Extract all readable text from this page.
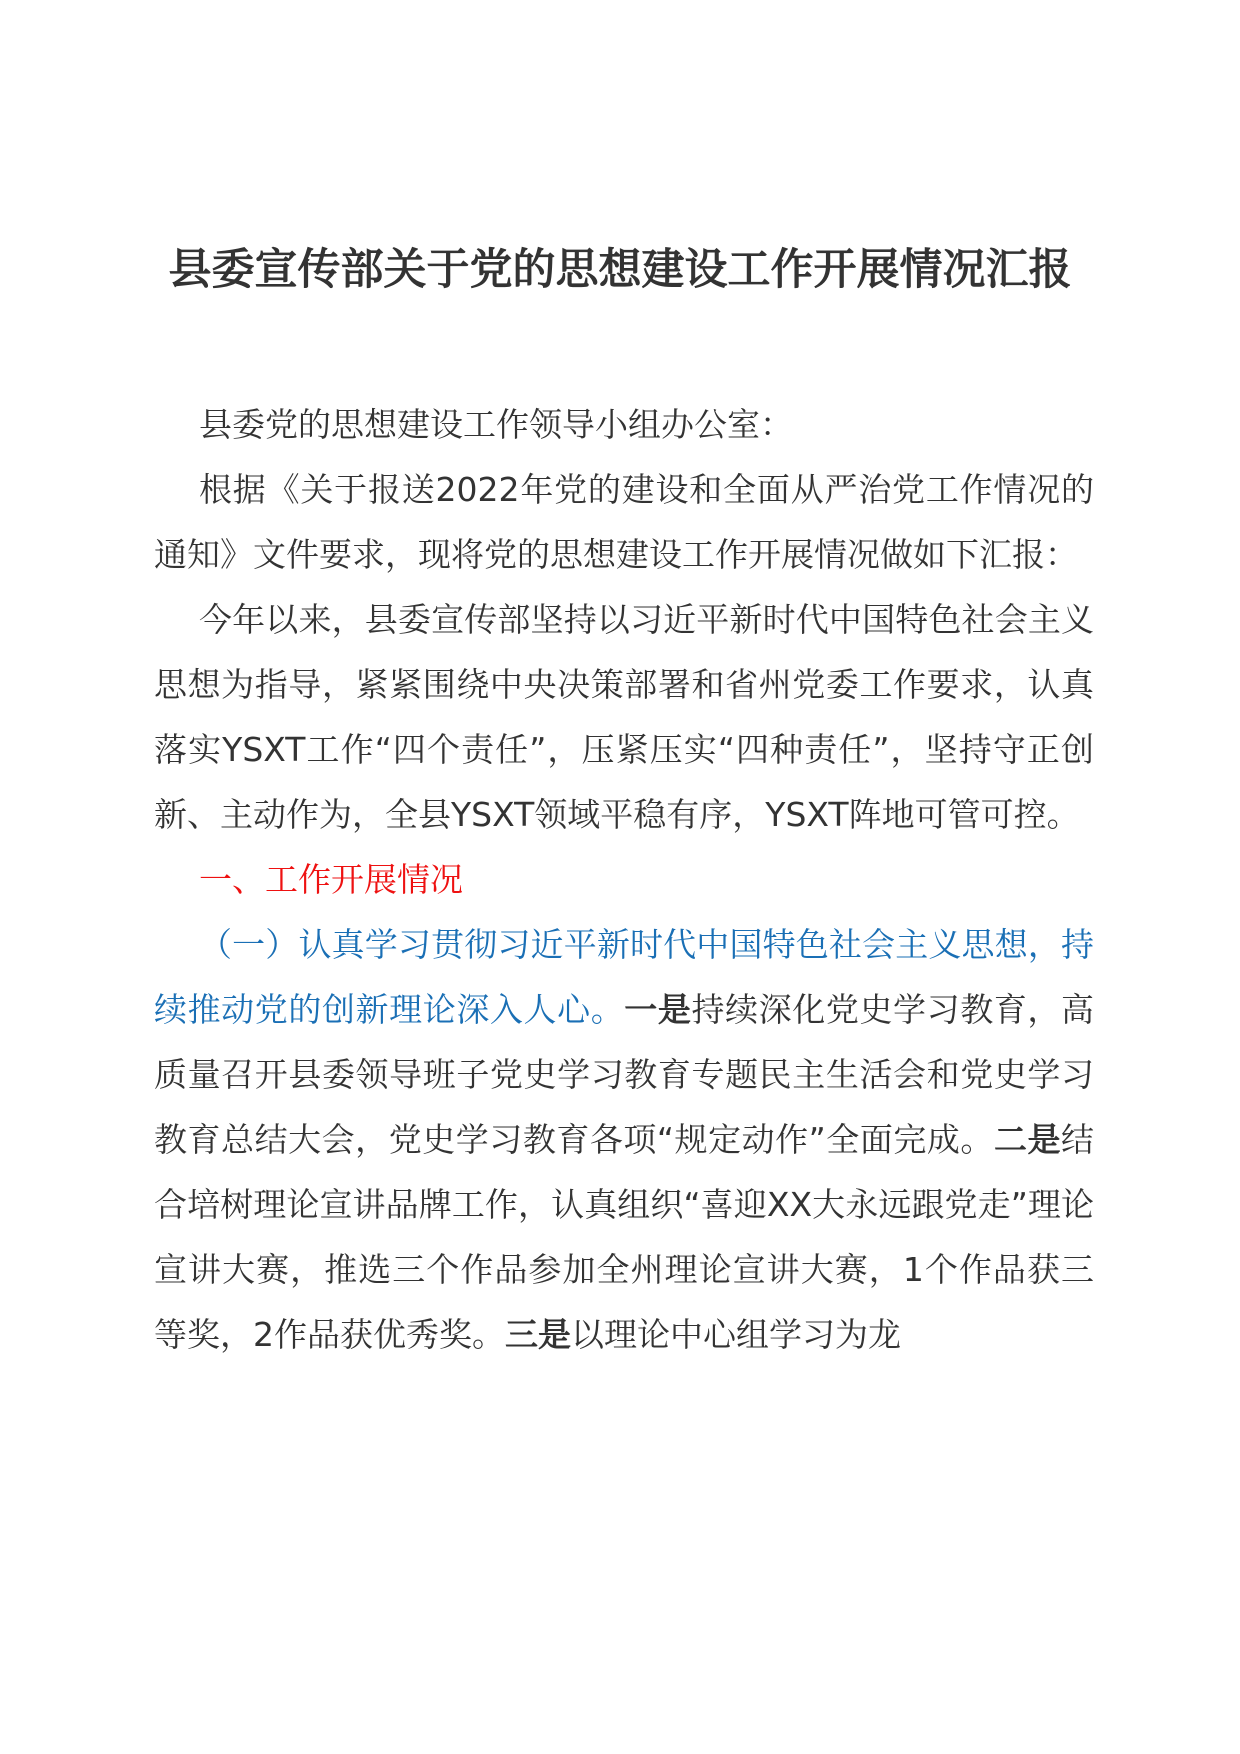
县委宣传部关于党的思想建设工作开展情况汇报

县委党的思想建设工作领导小组办公室：

根据《关于报送2022年党的建设和全面从严治党工作情况的通知》文件要求，现将党的思想建设工作开展情况做如下汇报：

今年以来，县委宣传部坚持以习近平新时代中国特色社会主义思想为指导，紧紧围绕中央决策部署和省州党委工作要求，认真落实YSXT工作“四个责任”，压紧压实“四种责任”，坚持守正创新、主动作为，全县YSXT领域平稳有序，YSXT阵地可管可控。

一、工作开展情况

（一）认真学习贯彻习近平新时代中国特色社会主义思想，持续推动党的创新理论深入人心。一是持续深化党史学习教育，高质量召开县委领导班子党史学习教育专题民主生活会和党史学习教育总结大会，党史学习教育各项“规定动作”全面完成。二是结合培树理论宣讲品牌工作，认真组织“喜迎XX大永远跟党走”理论宣讲大赛，推选三个作品参加全州理论宣讲大赛，1个作品获三等奖，2作品获优秀奖。三是以理论中心组学习为龙
